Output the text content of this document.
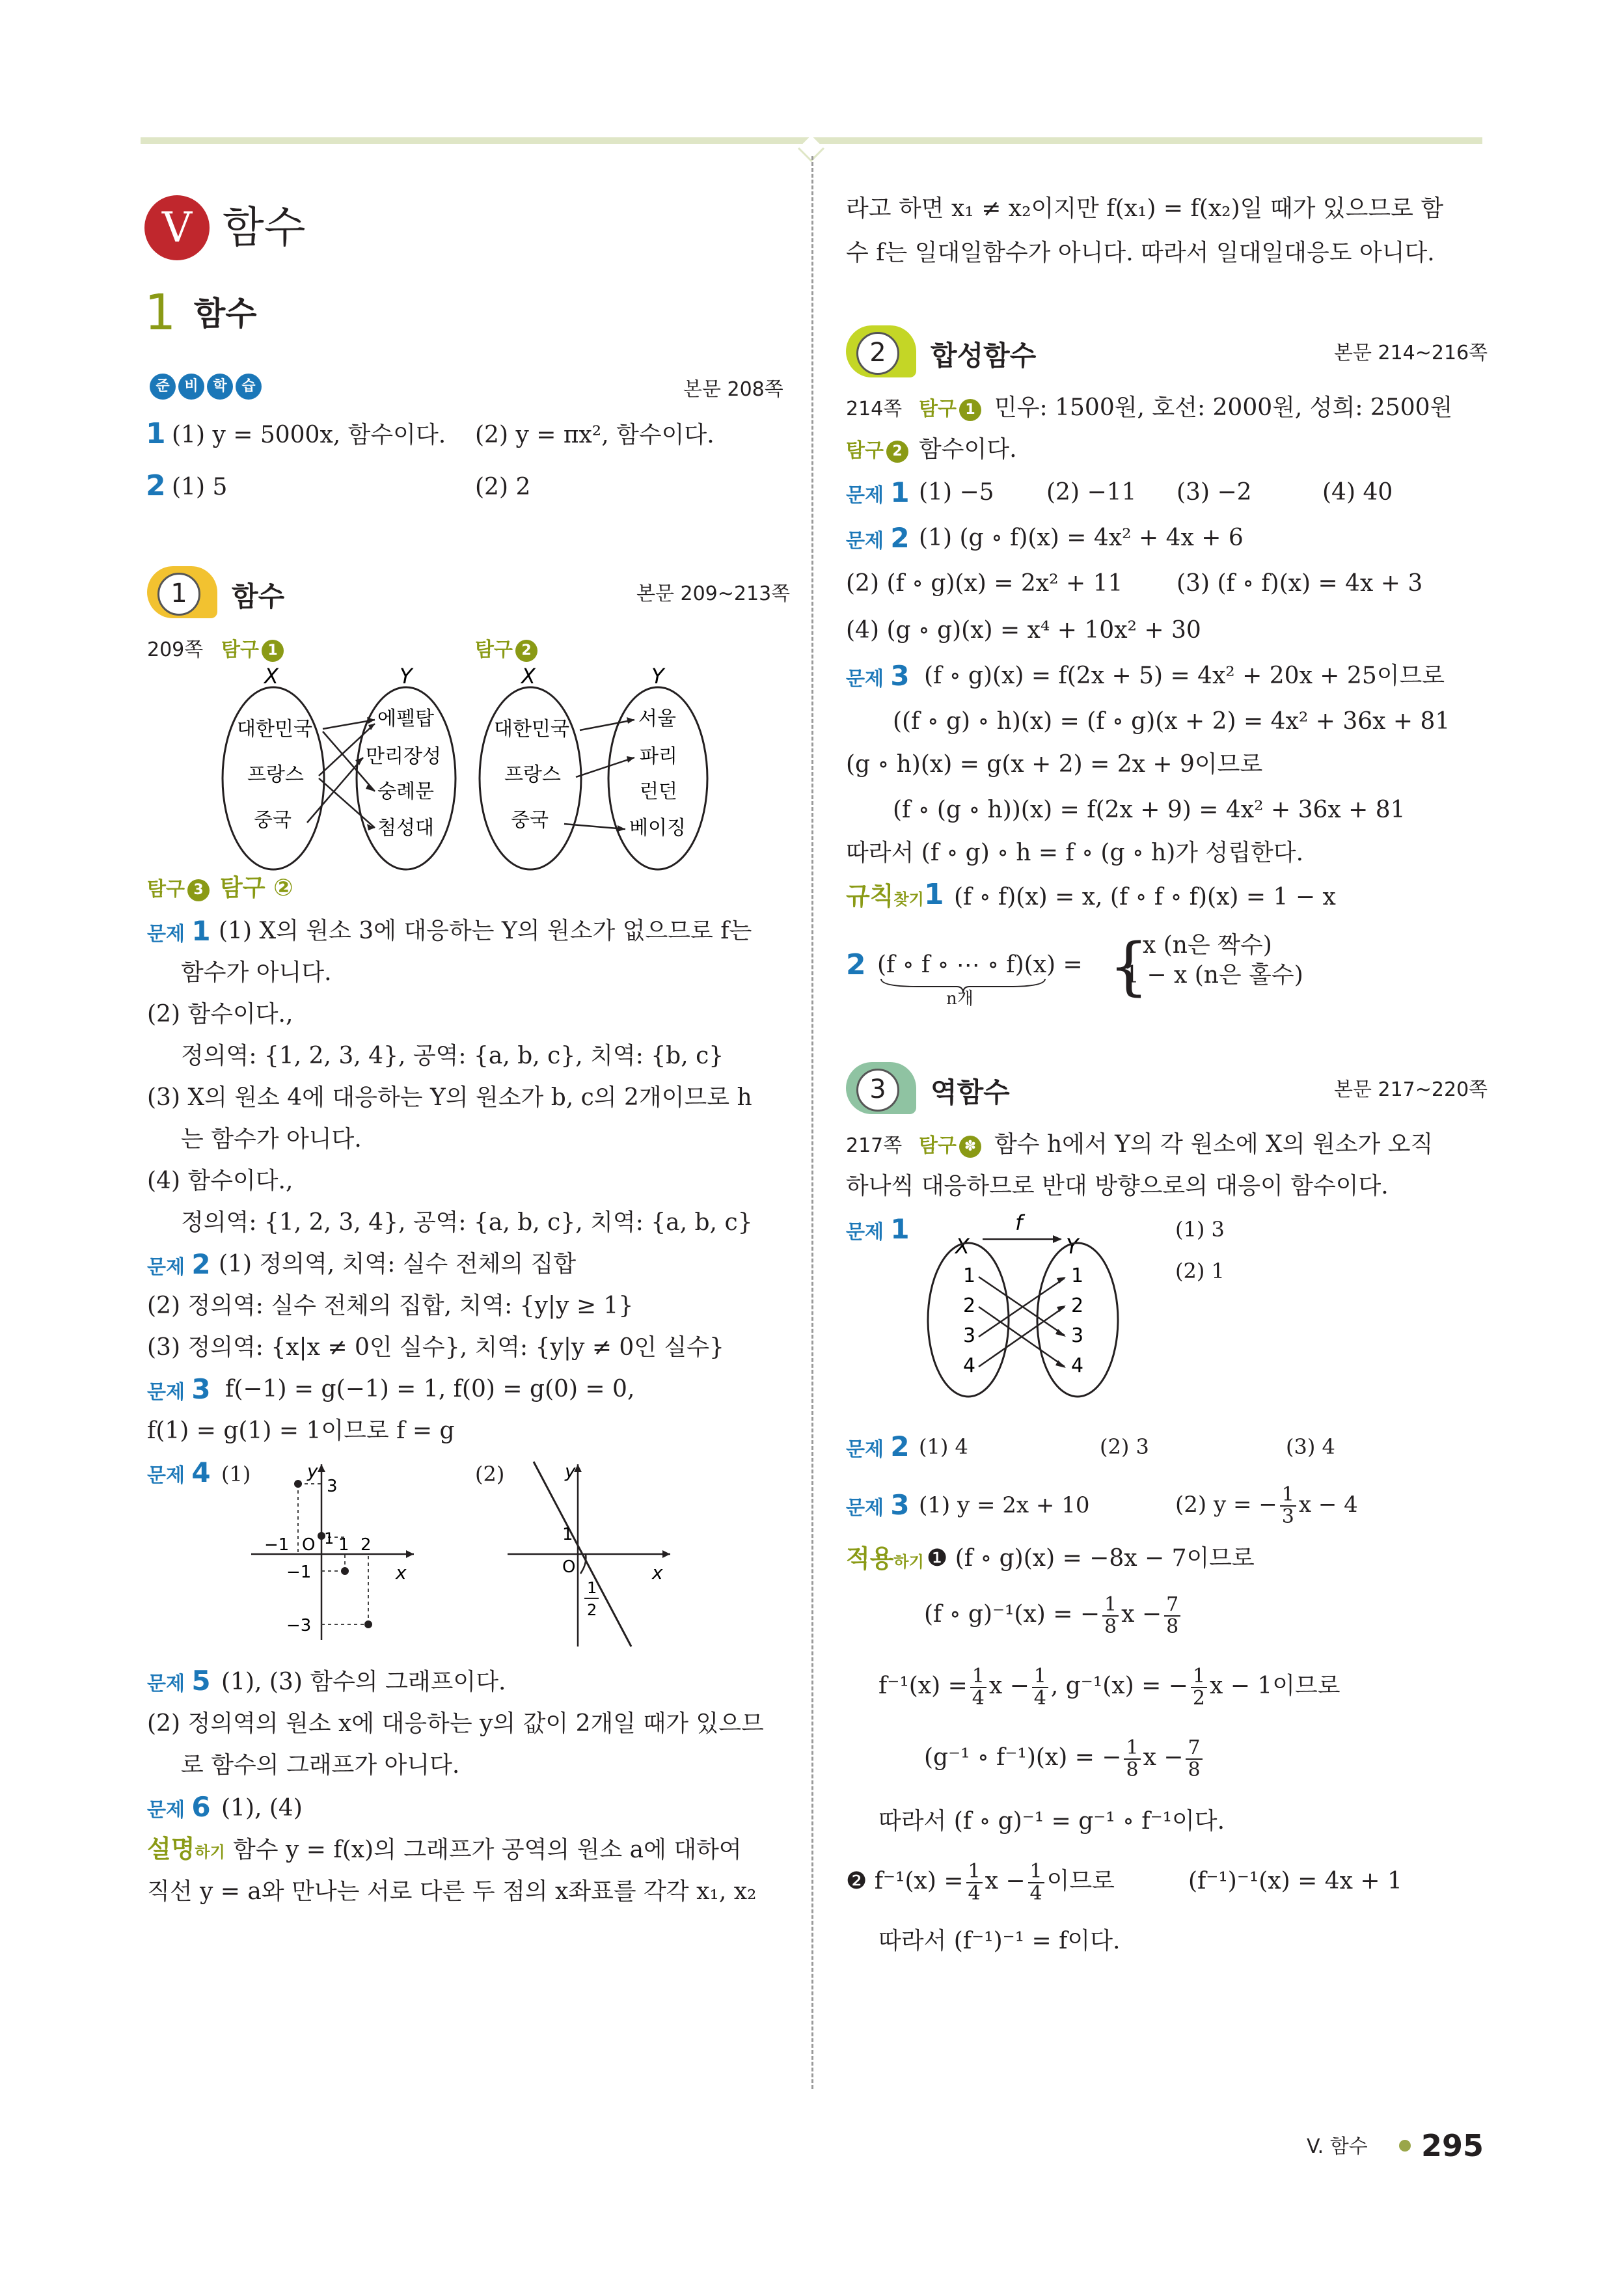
V 함수
1 함수
준 비 학 습	본문 208쪽
1 (1) y = 5000x, 함수이다. (2) y = πx², 함수이다.
2 (1) 5	(2) 2
1	함수	본문 209~213쪽
209쪽 탐구 1	탐구 2
X	Y
대한민국
프랑스
중국
에펠탑
만리장성
숭례문
첨성대
X	Y
대한민국
프랑스
중국
서울
파리
런던
베이징
탐구 3 탐구 ②
문제 1 (1) X의 원소 3에 대응하는 Y의 원소가 없으므로 f는
함수가 아니다.
(2) 함수이다.,
정의역: {1, 2, 3, 4}, 공역: {a, b, c}, 치역: {b, c}
(3) X의 원소 4에 대응하는 Y의 원소가 b, c의 2개이므로 h
는 함수가 아니다.
(4) 함수이다.,
정의역: {1, 2, 3, 4}, 공역: {a, b, c}, 치역: {a, b, c}
문제 2 (1) 정의역, 치역: 실수 전체의 집합
(2) 정의역: 실수 전체의 집합, 치역: {y|y ≥ 1}
(3) 정의역: {x|x ≠ 0인 실수}, 치역: {y|y ≠ 0인 실수}
문제 3 f(−1) = g(−1) = 1, f(0) = g(0) = 0,
f(1) = g(1) = 1이므로 f = g
문제 4 (1)	(2)
y
x
3
−1 O 1 1 2
−1
−3
y
x
O
1
1
2
문제 5 (1), (3) 함수의 그래프이다.
(2) 정의역의 원소 x에 대응하는 y의 값이 2개일 때가 있으므
로 함수의 그래프가 아니다.
문제 6 (1), (4)
설명하기 함수 y = f(x)의 그래프가 공역의 원소 a에 대하여
직선 y = a와 만나는 서로 다른 두 점의 x좌표를 각각 x₁, x₂
라고 하면 x₁ ≠ x₂이지만 f(x₁) = f(x₂)일 때가 있으므로 함
수 f는 일대일함수가 아니다. 따라서 일대일대응도 아니다.
2	합성함수	본문 214~216쪽
214쪽 탐구 1 민우: 1500원, 호선: 2000원, 성희: 2500원
탐구 2 함수이다.
문제 1 (1) −5 (2) −11 (3) −2	(4) 40
문제 2 (1) (g ∘ f)(x) = 4x² + 4x + 6
(2) (f ∘ g)(x) = 2x² + 11 (3) (f ∘ f)(x) = 4x + 3
(4) (g ∘ g)(x) = x⁴ + 10x² + 30
문제 3 (f ∘ g)(x) = f(2x + 5) = 4x² + 20x + 25이므로
((f ∘ g) ∘ h)(x) = (f ∘ g)(x + 2) = 4x² + 36x + 81
(g ∘ h)(x) = g(x + 2) = 2x + 9이므로
(f ∘ (g ∘ h))(x) = f(2x + 9) = 4x² + 36x + 81
따라서 (f ∘ g) ∘ h = f ∘ (g ∘ h)가 성립한다.
규칙찾기 1 (f ∘ f)(x) = x, (f ∘ f ∘ f)(x) = 1 − x
2 (f ∘ f ∘ ⋯ ∘ f)(x) =
n개 {
x (n은 짝수)
1 − x (n은 홀수)
3	역함수	본문 217~220쪽
217쪽 탐구 ✽ 함수 h에서 Y의 각 원소에 X의 원소가 오직
하나씩 대응하므로 반대 방향으로의 대응이 함수이다.
문제 1	(1) 3
(2) 1
f
X	Y
1
2
3
4
1
2
3
4
문제 2 (1) 4	(2) 3	(3) 4
문제 3 (1) y = 2x + 10	(2) y = − $\frac{1}{3}$ x − 4
적용하기 ❶ (f ∘ g)(x) = −8x − 7이므로
(f ∘ g)⁻¹(x) = − $\frac{1}{8}$ $x - \frac{7}{8}$
$f^{-1}(x) = \frac{1}{4}$ $x - \frac{1}{4}$ , g⁻¹(x) = − $\frac{1}{2}$ x − 1이므로
(g⁻¹ ∘ f⁻¹)(x) = − $\frac{1}{8}$ $x - \frac{7}{8}$
따라서 (f ∘ g)⁻¹ = g⁻¹ ∘ f⁻¹이다.
❷ $f^{-1}(x) = \frac{1}{4}$ $x - \frac{1}{4}$ 이므로	(f⁻¹)⁻¹(x) = 4x + 1
따라서 (f⁻¹)⁻¹ = f이다.
V. 함수 295
